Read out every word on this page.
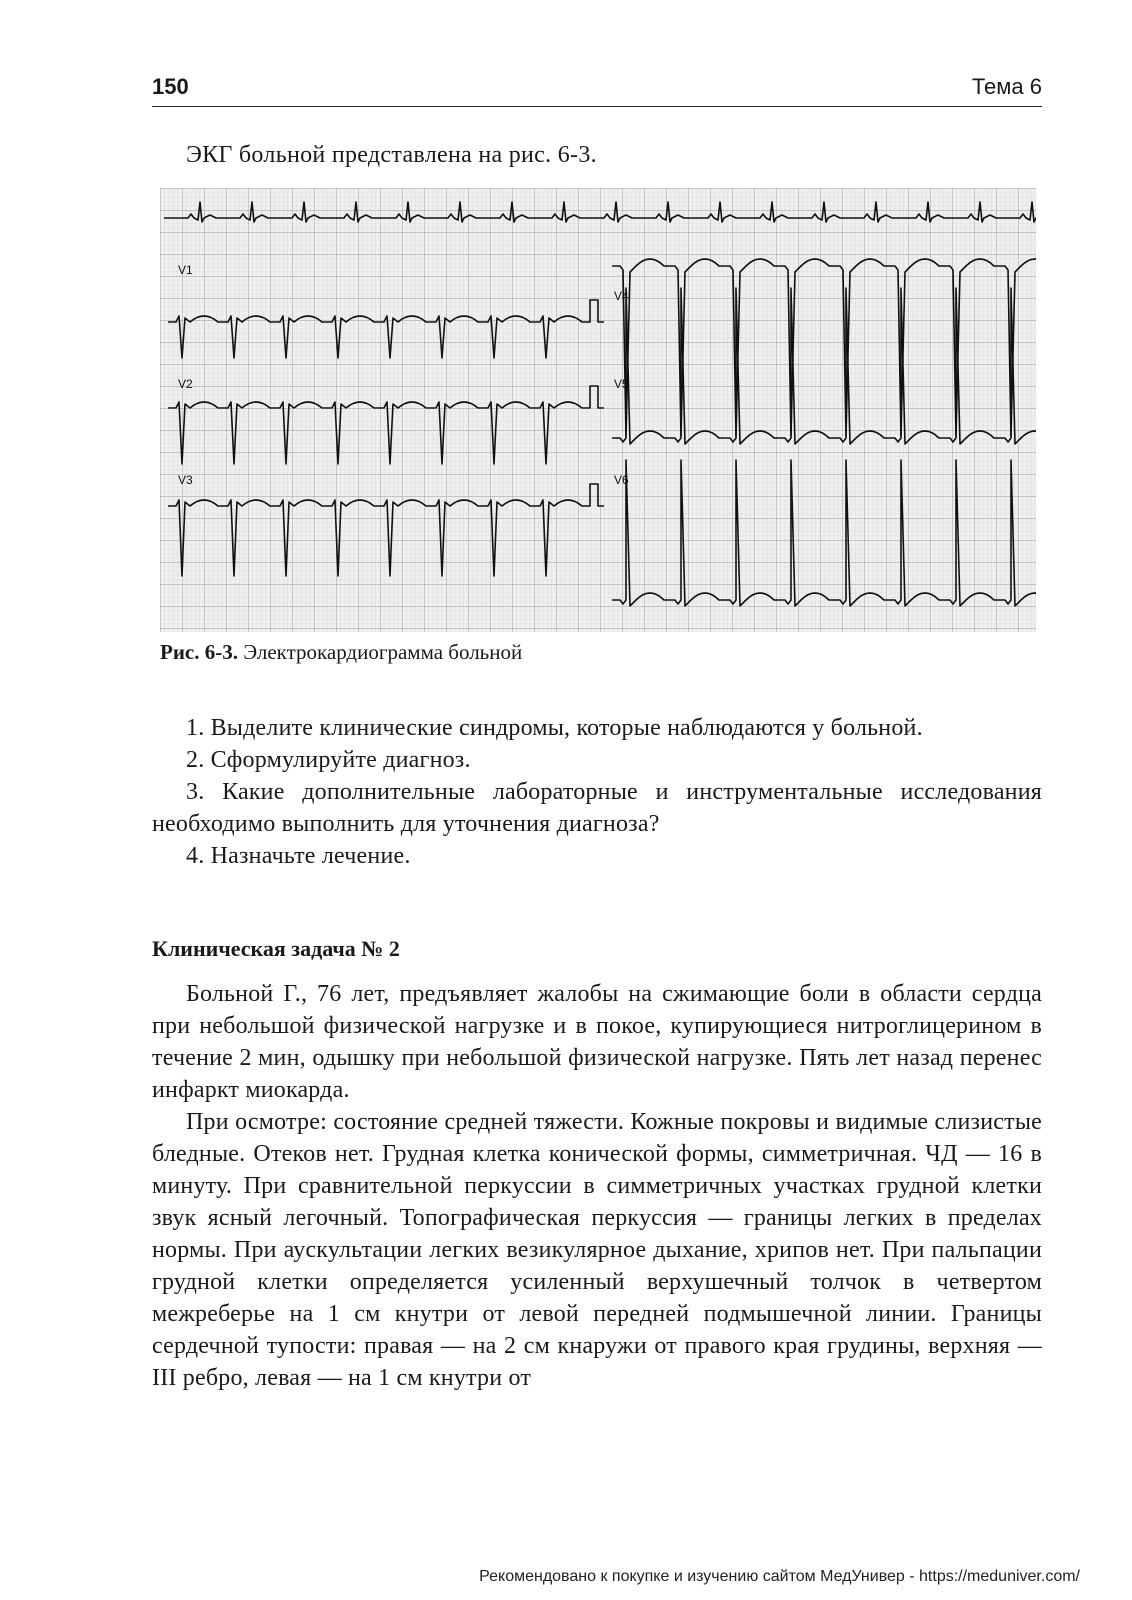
150	Тема 6
ЭКГ больной представлена на рис. 6-3.
V1
V2
V3
V4
V5
V6
Рис. 6-3. Электрокардиограмма больной

1. Выделите клинические синдромы, которые наблюдаются у больной.

2. Сформулируйте диагноз.

3. Какие дополнительные лабораторные и инструментальные исследования необходимо выполнить для уточнения диагноза?

4. Назначьте лечение.

Клиническая задача № 2

Больной Г., 76 лет, предъявляет жалобы на сжимающие боли в области сердца при небольшой физической нагрузке и в покое, купирующиеся нитроглицерином в течение 2 мин, одышку при небольшой физической нагрузке. Пять лет назад перенес инфаркт миокарда.

При осмотре: состояние средней тяжести. Кожные покровы и видимые слизистые бледные. Отеков нет. Грудная клетка конической формы, симметричная. ЧД — 16 в минуту. При сравнительной перкуссии в симметричных участках грудной клетки звук ясный легочный. Топографическая перкуссия — границы легких в пределах нормы. При аускультации легких везикулярное дыхание, хрипов нет. При пальпации грудной клетки определяется усиленный верхушечный толчок в четвертом межреберье на 1 см кнутри от левой передней подмышечной линии. Границы сердечной тупости: правая — на 2 см кнаружи от правого края грудины, верхняя — III ребро, левая — на 1 см кнутри от

Рекомендовано к покупке и изучению сайтом МедУнивер - https://meduniver.com/
